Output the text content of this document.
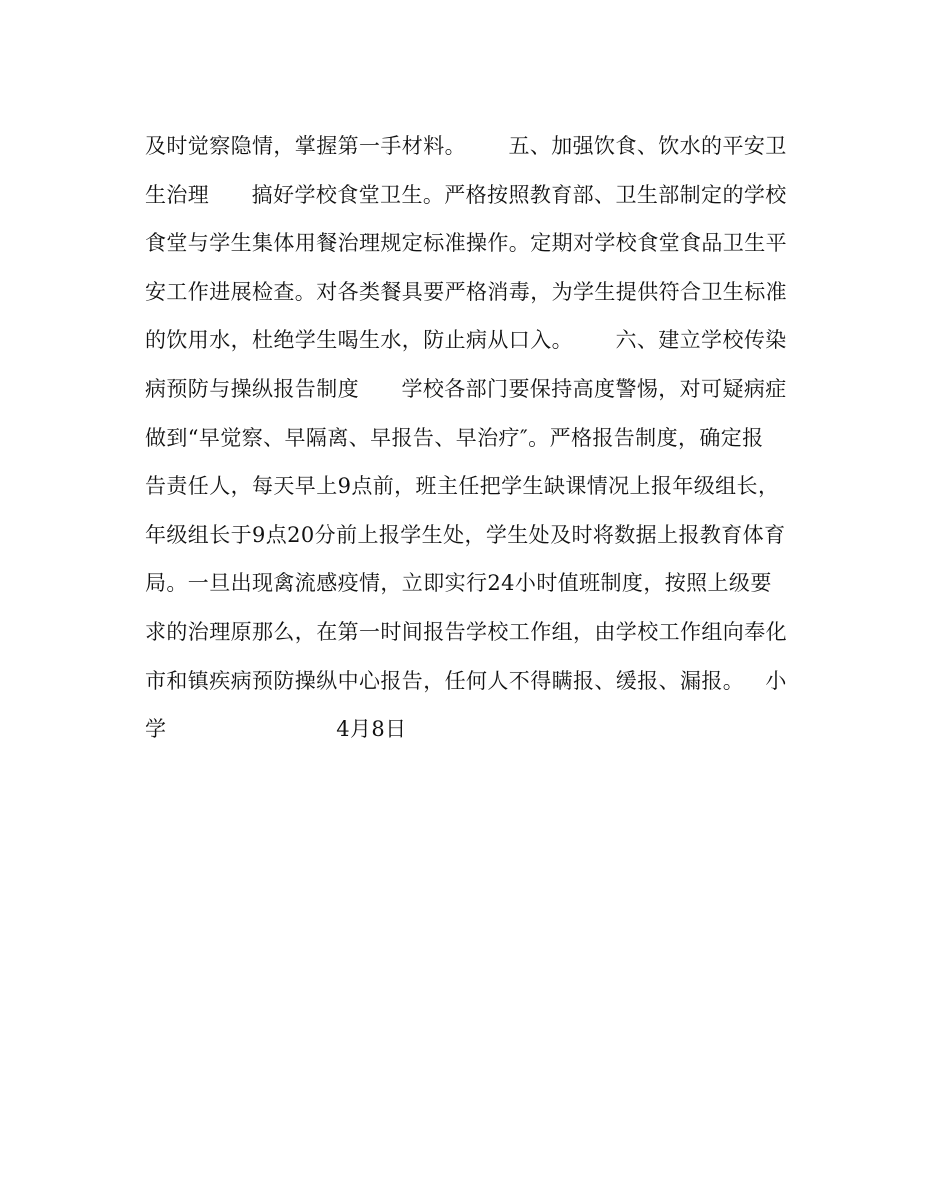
及时觉察隐情，掌握第一手材料。      五、加强饮食、饮水的平安卫
生治理      搞好学校食堂卫生。严格按照教育部、卫生部制定的学校
食堂与学生集体用餐治理规定标准操作。定期对学校食堂食品卫生平
安工作进展检查。对各类餐具要严格消毒，为学生提供符合卫生标准
的饮用水，杜绝学生喝生水，防止病从口入。      六、建立学校传染
病预防与操纵报告制度      学校各部门要保持高度警惕，对可疑病症
做到“早觉察、早隔离、早报告、早治疗″。严格报告制度，确定报
告责任人，每天早上9点前，班主任把学生缺课情况上报年级组长，
年级组长于9点20分前上报学生处，学生处及时将数据上报教育体育
局。一旦出现禽流感疫情，立即实行24小时值班制度，按照上级要
求的治理原那么，在第一时间报告学校工作组，由学校工作组向奉化
市和镇疾病预防操纵中心报告，任何人不得瞒报、缓报、漏报。   小
学                        4月8日
